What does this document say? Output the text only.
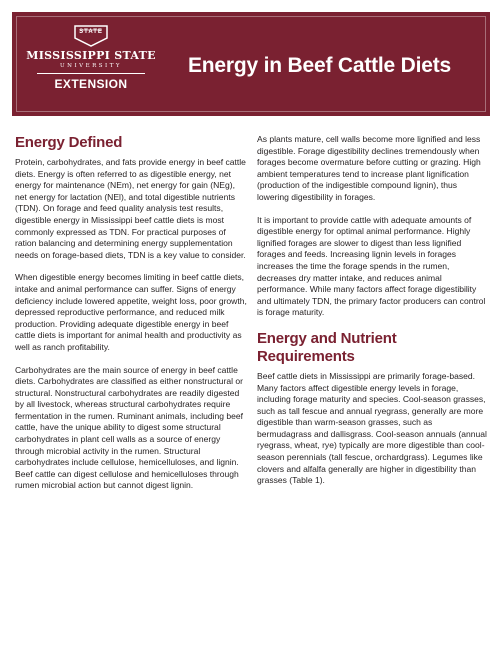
STATE
MISSISSIPPI STATE
UNIVERSITY
EXTENSION
Energy in Beef Cattle Diets
Energy Defined

Protein, carbohydrates, and fats provide energy in beef cattle diets. Energy is often referred to as digestible energy, net energy for maintenance (NEm), net energy for gain (NEg), net energy for lactation (NEl), and total digestible nutrients (TDN). On forage and feed quality analysis test results, digestible energy in Mississippi beef cattle diets is most commonly expressed as TDN. For practical purposes of ration balancing and determining energy supplementation needs on forage-based diets, TDN is a key value to consider.

When digestible energy becomes limiting in beef cattle diets, intake and animal performance can suffer. Signs of energy deficiency include lowered appetite, weight loss, poor growth, depressed reproductive performance, and reduced milk production. Providing adequate digestible energy in beef cattle diets is important for animal health and productivity as well as ranch profitability.

Carbohydrates are the main source of energy in beef cattle diets. Carbohydrates are classified as either nonstructural or structural. Nonstructural carbohydrates are readily digested by all livestock, whereas structural carbohydrates require fermentation in the rumen. Ruminant animals, including beef cattle, have the unique ability to digest some structural carbohydrates in plant cell walls as a source of energy through microbial activity in the rumen. Structural carbohydrates include cellulose, hemicelluloses, and lignin. Beef cattle can digest cellulose and hemicelluloses through rumen microbial action but cannot digest lignin.

As plants mature, cell walls become more lignified and less digestible. Forage digestibility declines tremendously when forages become overmature before cutting or grazing. High ambient temperatures tend to increase plant lignification (production of the indigestible compound lignin), thus lowering digestibility in forages.

It is important to provide cattle with adequate amounts of digestible energy for optimal animal performance. Highly lignified forages are slower to digest than less lignified forages and feeds. Increasing lignin levels in forages increases the time the forage spends in the rumen, decreases dry matter intake, and reduces animal performance. While many factors affect forage digestibility and ultimately TDN, the primary factor producers can control is forage maturity.

Energy and Nutrient Requirements

Beef cattle diets in Mississippi are primarily forage-based. Many factors affect digestible energy levels in forage, including forage maturity and species. Cool-season grasses, such as tall fescue and annual ryegrass, generally are more digestible than warm-season grasses, such as bermudagrass and dallisgrass. Cool-season annuals (annual ryegrass, wheat, rye) typically are more digestible than cool-season perennials (tall fescue, orchardgrass). Legumes like clovers and alfalfa generally are higher in digestibility than grasses (Table 1).
